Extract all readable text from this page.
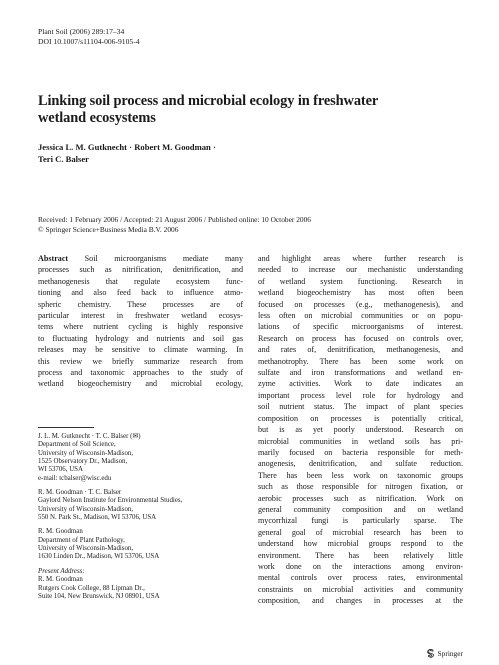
Plant Soil (2006) 289:17–34
DOI 10.1007/s11104-006-9105-4
Linking soil process and microbial ecology in freshwater
wetland ecosystems
Jessica L. M. Gutknecht · Robert M. Goodman ·
Teri C. Balser
Received: 1 February 2006 / Accepted: 21 August 2006 / Published online: 10 October 2006
© Springer Science+Business Media B.V. 2006
Abstract Soil microorganisms mediate many
processes such as nitrification, denitrification, and
methanogenesis that regulate ecosystem func-
tioning and also feed back to influence atmo-
spheric chemistry. These processes are of
particular interest in freshwater wetland ecosys-
tems where nutrient cycling is highly responsive
to fluctuating hydrology and nutrients and soil gas
releases may be sensitive to climate warming. In
this review we briefly summarize research from
process and taxonomic approaches to the study of
wetland biogeochemistry and microbial ecology,
J. L. M. Gutknecht · T. C. Balser (✉)
Department of Soil Science,
University of Wisconsin-Madison,
1525 Observatory Dr., Madison,
WI 53706, USA
e-mail: tcbalser@wisc.edu
R. M. Goodman · T. C. Balser
Gaylord Nelson Institute for Environmental Studies,
University of Wisconsin-Madison,
550 N. Park St., Madison, WI 53706, USA
R. M. Goodman
Department of Plant Pathology,
University of Wisconsin-Madison,
1630 Linden Dr., Madison, WI 53706, USA
Present Address:
R. M. Goodman
Rutgers Cook College, 88 Lipman Dr.,
Suite 104, New Brunswick, NJ 08901, USA
and highlight areas where further research is
needed to increase our mechanistic understanding
of wetland system functioning. Research in
wetland biogeochemistry has most often been
focused on processes (e.g., methanogenesis), and
less often on microbial communities or on popu-
lations of specific microorganisms of interest.
Research on process has focused on controls over,
and rates of, denitrification, methanogenesis, and
methanotrophy. There has been some work on
sulfate and iron transformations and wetland en-
zyme activities. Work to date indicates an
important process level role for hydrology and
soil nutrient status. The impact of plant species
composition on processes is potentially critical,
but is as yet poorly understood. Research on
microbial communities in wetland soils has pri-
marily focused on bacteria responsible for meth-
anogenesis, denitrification, and sulfate reduction.
There has been less work on taxonomic groups
such as those responsible for nitrogen fixation, or
aerobic processes such as nitrification. Work on
general community composition and on wetland
mycorrhizal fungi is particularly sparse. The
general goal of microbial research has been to
understand how microbial groups respond to the
environment. There has been relatively little
work done on the interactions among environ-
mental controls over process rates, environmental
constraints on microbial activities and community
composition, and changes in processes at the
Springer
